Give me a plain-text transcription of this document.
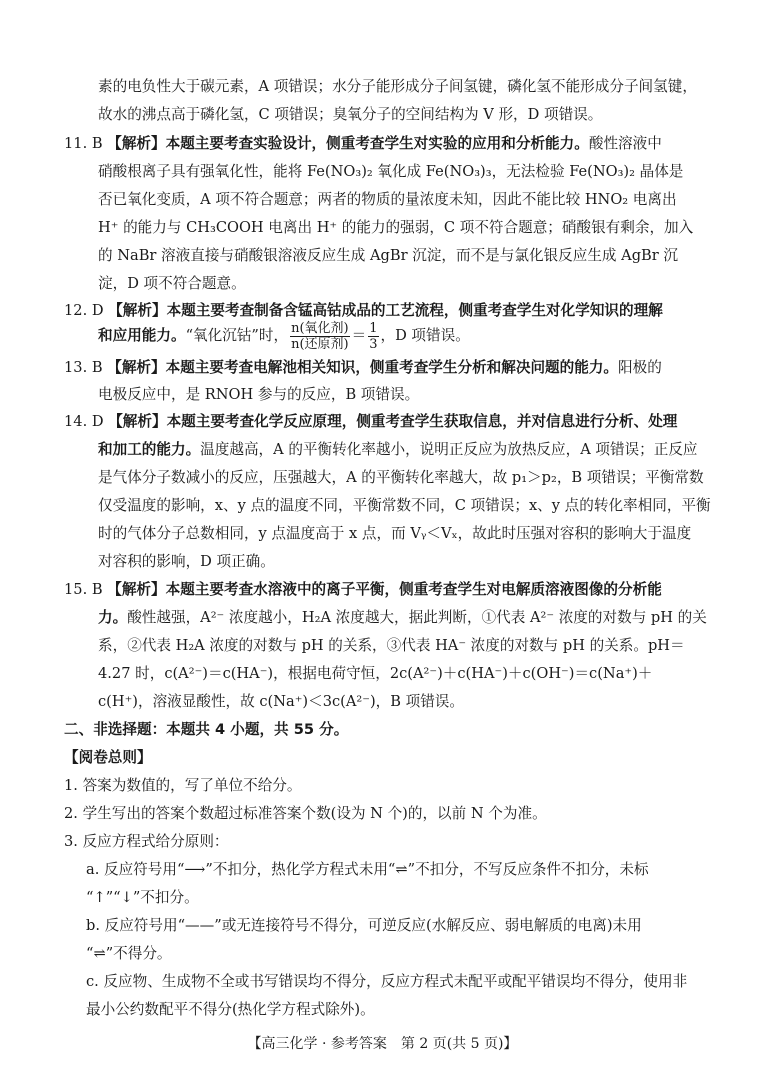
素的电负性大于碳元素，A 项错误；水分子能形成分子间氢键，磷化氢不能形成分子间氢键，
故水的沸点高于磷化氢，C 项错误；臭氧分子的空间结构为 V 形，D 项错误。
11. B 【解析】本题主要考查实验设计，侧重考查学生对实验的应用和分析能力。酸性溶液中
硝酸根离子具有强氧化性，能将 Fe(NO₃)₂ 氧化成 Fe(NO₃)₃，无法检验 Fe(NO₃)₂ 晶体是
否已氧化变质，A 项不符合题意；两者的物质的量浓度未知，因此不能比较 HNO₂ 电离出
H⁺ 的能力与 CH₃COOH 电离出 H⁺ 的能力的强弱，C 项不符合题意；硝酸银有剩余，加入
的 NaBr 溶液直接与硝酸银溶液反应生成 AgBr 沉淀，而不是与氯化银反应生成 AgBr 沉
淀，D 项不符合题意。
12. D 【解析】本题主要考查制备含锰高钴成品的工艺流程，侧重考查学生对化学知识的理解
和应用能力。“氧化沉钴”时， $\frac{\text{n(氧化剂)}}{\text{n(还原剂)}} = \frac{1}{3}$ ，D 项错误。
13. B 【解析】本题主要考查电解池相关知识，侧重考查学生分析和解决问题的能力。阳极的
电极反应中，是 RNOH 参与的反应，B 项错误。
14. D 【解析】本题主要考查化学反应原理，侧重考查学生获取信息，并对信息进行分析、处理
和加工的能力。温度越高，A 的平衡转化率越小，说明正反应为放热反应，A 项错误；正反应
是气体分子数减小的反应，压强越大，A 的平衡转化率越大，故 p₁＞p₂，B 项错误；平衡常数
仅受温度的影响，x、y 点的温度不同，平衡常数不同，C 项错误；x、y 点的转化率相同，平衡
时的气体分子总数相同，y 点温度高于 x 点，而 Vᵧ＜Vₓ，故此时压强对容积的影响大于温度
对容积的影响，D 项正确。
15. B 【解析】本题主要考查水溶液中的离子平衡，侧重考查学生对电解质溶液图像的分析能
力。酸性越强，A²⁻ 浓度越小，H₂A 浓度越大，据此判断，①代表 A²⁻ 浓度的对数与 pH 的关
系，②代表 H₂A 浓度的对数与 pH 的关系，③代表 HA⁻ 浓度的对数与 pH 的关系。pH＝
4.27 时，c(A²⁻)＝c(HA⁻)，根据电荷守恒，2c(A²⁻)＋c(HA⁻)＋c(OH⁻)＝c(Na⁺)＋
c(H⁺)，溶液显酸性，故 c(Na⁺)＜3c(A²⁻)，B 项错误。
二、非选择题：本题共 4 小题，共 55 分。
【阅卷总则】
1. 答案为数值的，写了单位不给分。
2. 学生写出的答案个数超过标准答案个数(设为 N 个)的，以前 N 个为准。
3. 反应方程式给分原则：
a. 反应符号用“⟶”不扣分，热化学方程式未用“⇌”不扣分，不写反应条件不扣分，未标
“↑”“↓”不扣分。
b. 反应符号用“——”或无连接符号不得分，可逆反应(水解反应、弱电解质的电离)未用
“⇌”不得分。
c. 反应物、生成物不全或书写错误均不得分，反应方程式未配平或配平错误均不得分，使用非
最小公约数配平不得分(热化学方程式除外)。
【高三化学 · 参考答案　第 2 页(共 5 页)】
